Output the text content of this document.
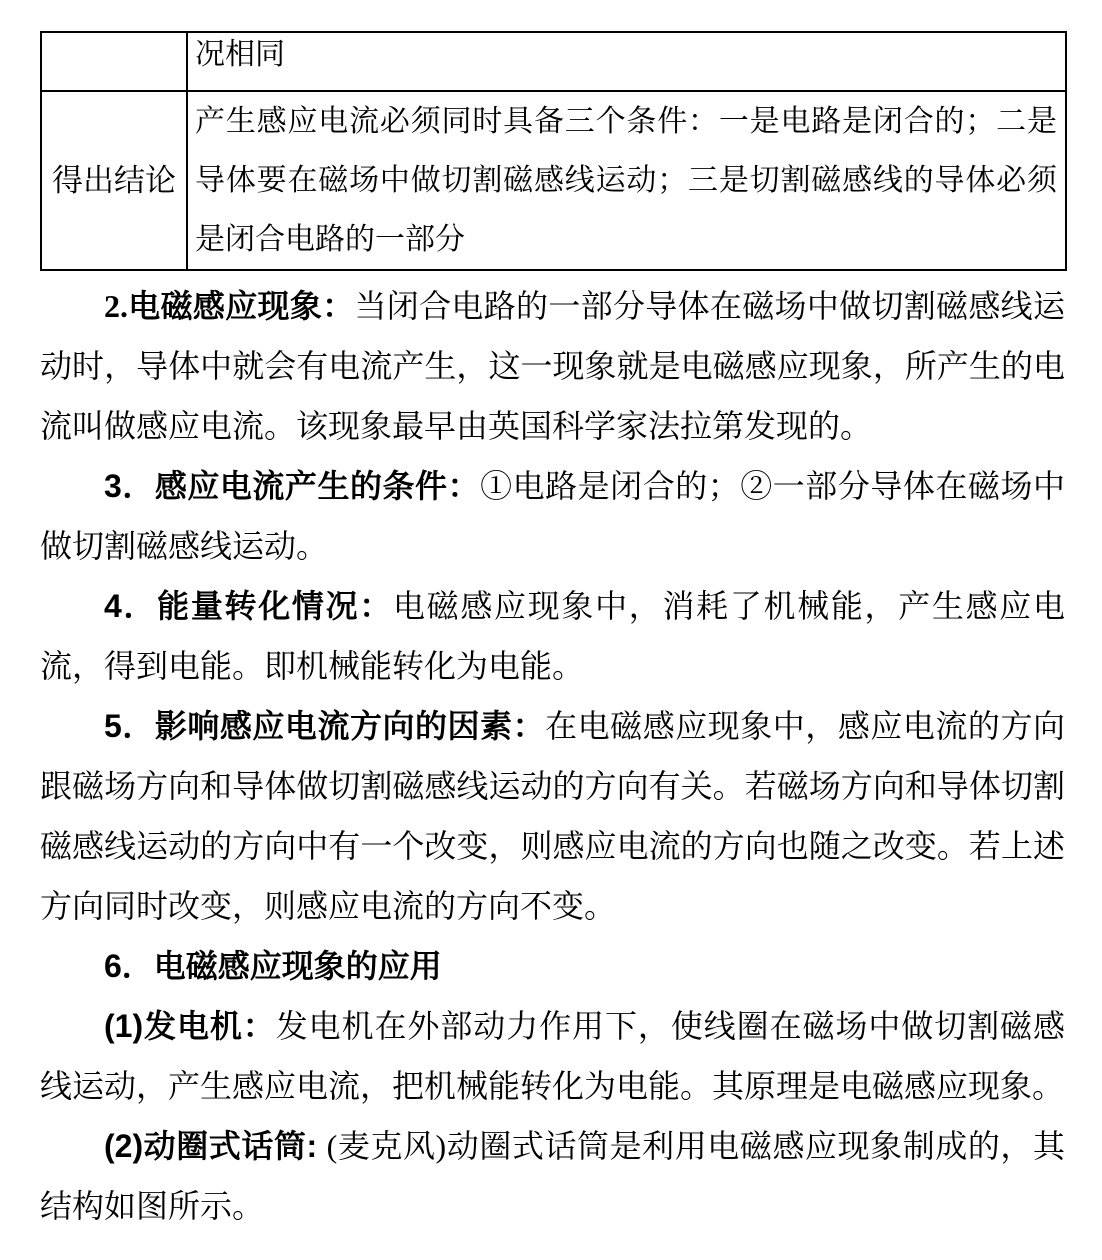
	况相同
得出结论	产生感应电流必须同时具备三个条件：一是电路是闭合的；二是导体要在磁场中做切割磁感线运动；三是切割磁感线的导体必须是闭合电路的一部分

2.电磁感应现象：当闭合电路的一部分导体在磁场中做切割磁感线运动时，导体中就会有电流产生，这一现象就是电磁感应现象，所产生的电流叫做感应电流。该现象最早由英国科学家法拉第发现的。

3．感应电流产生的条件：①电路是闭合的；②一部分导体在磁场中做切割磁感线运动。

4．能量转化情况：电磁感应现象中，消耗了机械能，产生感应电流，得到电能。即机械能转化为电能。

5．影响感应电流方向的因素：在电磁感应现象中，感应电流的方向跟磁场方向和导体做切割磁感线运动的方向有关。若磁场方向和导体切割磁感线运动的方向中有一个改变，则感应电流的方向也随之改变。若上述方向同时改变，则感应电流的方向不变。

6．电磁感应现象的应用

(1)发电机：发电机在外部动力作用下，使线圈在磁场中做切割磁感线运动，产生感应电流，把机械能转化为电能。其原理是电磁感应现象。

(2)动圈式话筒: (麦克风)动圈式话筒是利用电磁感应现象制成的，其结构如图所示。
